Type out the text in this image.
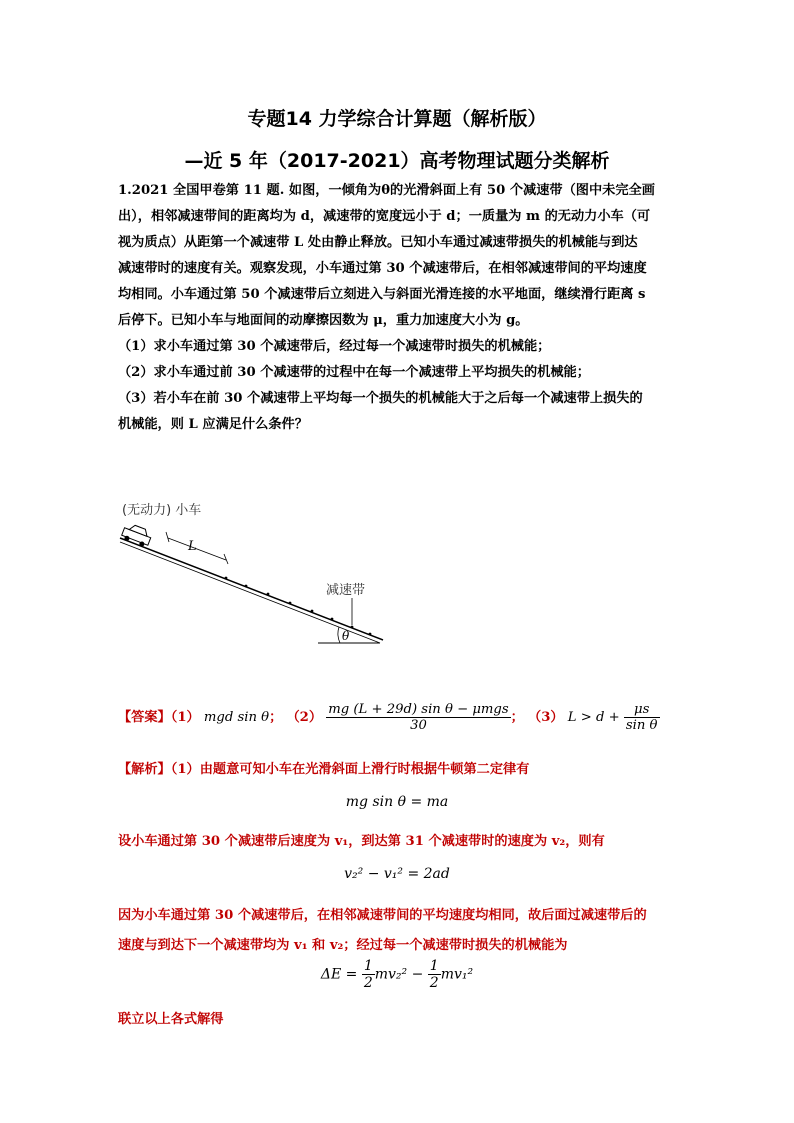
专题14 力学综合计算题（解析版）
—近 5 年（2017-2021）高考物理试题分类解析

1.2021 全国甲卷第 11 题. 如图，一倾角为θ的光滑斜面上有 50 个减速带（图中未完全画

出），相邻减速带间的距离均为 d，减速带的宽度远小于 d；一质量为 m 的无动力小车（可

视为质点）从距第一个减速带 L 处由静止释放。已知小车通过减速带损失的机械能与到达

减速带时的速度有关。观察发现，小车通过第 30 个减速带后，在相邻减速带间的平均速度

均相同。小车通过第 50 个减速带后立刻进入与斜面光滑连接的水平地面，继续滑行距离 s

后停下。已知小车与地面间的动摩擦因数为 μ，重力加速度大小为 g。

（1）求小车通过第 30 个减速带后，经过每一个减速带时损失的机械能；

（2）求小车通过前 30 个减速带的过程中在每一个减速带上平均损失的机械能；

（3）若小车在前 30 个减速带上平均每一个损失的机械能大于之后每一个减速带上损失的

机械能，则 L 应满足什么条件？

(无动力) 小车
L
减速带
θ
【答案】（1） mgd sin θ； $(2) \frac{\text{mg (L + 29d) sin θ − μmgs}}{30}$ ； （3） $L > d + \frac{\mu s}{\text{sin θ}}$
【解析】（1）由题意可知小车在光滑斜面上滑行时根据牛顿第二定律有
mg sin θ = ma
设小车通过第 30 个减速带后速度为 v₁，到达第 31 个减速带时的速度为 v₂，则有
v₂² − v₁² = 2ad
因为小车通过第 30 个减速带后，在相邻减速带间的平均速度均相同，故后面过减速带后的
速度与到达下一个减速带均为 v₁ 和 v₂；经过每一个减速带时损失的机械能为
$\Delta E = \frac{1}{2} mv_2^2 - \frac{1}{2} mv_1^2$
联立以上各式解得
